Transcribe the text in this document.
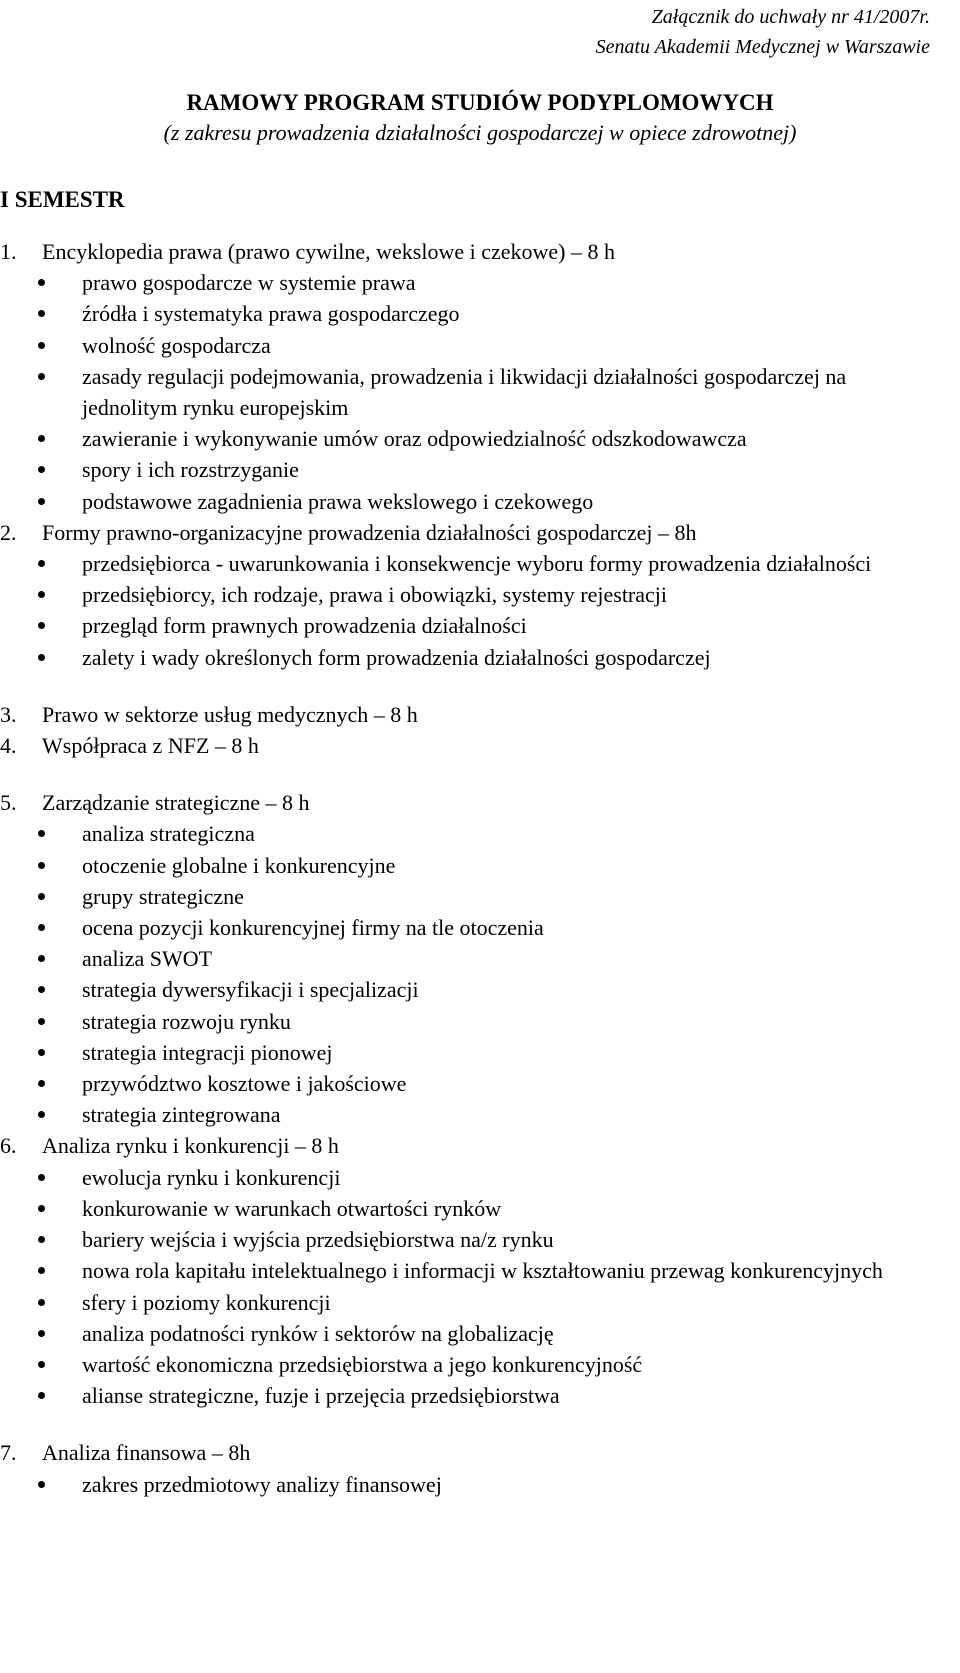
Załącznik do uchwały nr 41/2007r.
Senatu Akademii Medycznej w Warszawie
RAMOWY PROGRAM STUDIÓW PODYPLOMOWYCH
(z zakresu prowadzenia działalności gospodarczej w opiece zdrowotnej)
I SEMESTR
1. Encyklopedia prawa (prawo cywilne, wekslowe i czekowe) – 8 h
prawo gospodarcze w systemie prawa
źródła i systematyka prawa gospodarczego
wolność gospodarcza
zasady regulacji podejmowania, prowadzenia i likwidacji działalności gospodarczej na jednolitym rynku europejskim
zawieranie i wykonywanie umów oraz odpowiedzialność odszkodowawcza
spory i ich rozstrzyganie
podstawowe zagadnienia prawa wekslowego i czekowego
2. Formy prawno-organizacyjne prowadzenia działalności gospodarczej – 8h
przedsiębiorca - uwarunkowania i konsekwencje wyboru formy prowadzenia działalności
przedsiębiorcy, ich rodzaje, prawa i obowiązki, systemy rejestracji
przegląd form prawnych prowadzenia działalności
zalety i wady określonych form prowadzenia działalności gospodarczej
3. Prawo w sektorze usług medycznych – 8 h
4. Współpraca z NFZ – 8 h
5. Zarządzanie strategiczne – 8 h
analiza strategiczna
otoczenie globalne i konkurencyjne
grupy strategiczne
ocena pozycji konkurencyjnej firmy na tle otoczenia
analiza SWOT
strategia dywersyfikacji i specjalizacji
strategia rozwoju rynku
strategia integracji pionowej
przywództwo kosztowe i jakościowe
strategia zintegrowana
6. Analiza rynku i konkurencji – 8 h
ewolucja rynku i konkurencji
konkurowanie w warunkach otwartości rynków
bariery wejścia i wyjścia przedsiębiorstwa na/z rynku
nowa rola kapitału intelektualnego i informacji w kształtowaniu przewag konkurencyjnych
sfery i poziomy konkurencji
analiza podatności rynków i sektorów na globalizację
wartość ekonomiczna przedsiębiorstwa a jego konkurencyjność
alianse strategiczne, fuzje i przejęcia przedsiębiorstwa
7. Analiza finansowa – 8h
zakres przedmiotowy analizy finansowej
